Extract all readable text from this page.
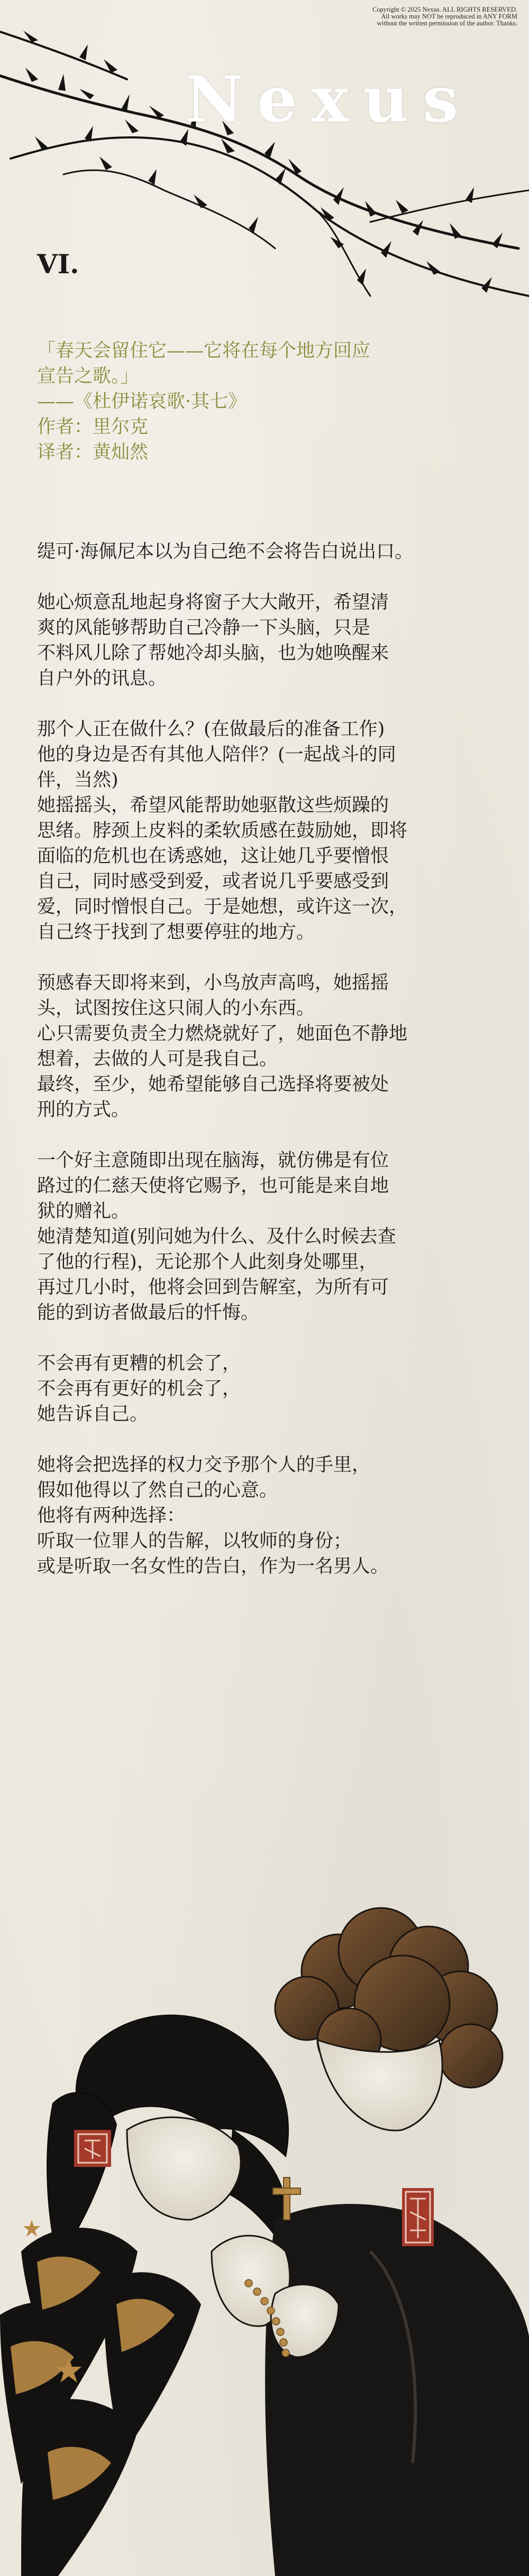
Copyright © 2025 Nexus. ALL RIGHTS RESERVED.
All works may NOT be reproduced in ANY FORM
without the written permission of the author. Thanks.
Nexus
VI.
「春天会留住它——它将在每个地方回应
宣告之歌。」
——《杜伊诺哀歌·其七》
作者：里尔克
译者：黄灿然
缇可·海佩尼本以为自己绝不会将告白说出口。
她心烦意乱地起身将窗子大大敞开，希望清
爽的风能够帮助自己冷静一下头脑，只是
不料风儿除了帮她冷却头脑，也为她唤醒来
自户外的讯息。
那个人正在做什么？(在做最后的准备工作)
他的身边是否有其他人陪伴？(一起战斗的同
伴，当然)
她摇摇头，希望风能帮助她驱散这些烦躁的
思绪。脖颈上皮料的柔软质感在鼓励她，即将
面临的危机也在诱惑她，这让她几乎要憎恨
自己，同时感受到爱，或者说几乎要感受到
爱，同时憎恨自己。于是她想，或许这一次，
自己终于找到了想要停驻的地方。
预感春天即将来到，小鸟放声高鸣，她摇摇
头，试图按住这只闹人的小东西。
心只需要负责全力燃烧就好了，她面色不静地
想着，去做的人可是我自己。
最终，至少，她希望能够自己选择将要被处
刑的方式。
一个好主意随即出现在脑海，就仿佛是有位
路过的仁慈天使将它赐予，也可能是来自地
狱的赠礼。
她清楚知道(别问她为什么、及什么时候去查
了他的行程)，无论那个人此刻身处哪里，
再过几小时，他将会回到告解室，为所有可
能的到访者做最后的忏悔。
不会再有更糟的机会了，
不会再有更好的机会了，
她告诉自己。
她将会把选择的权力交予那个人的手里，
假如他得以了然自己的心意。
他将有两种选择：
听取一位罪人的告解，以牧师的身份；
或是听取一名女性的告白，作为一名男人。
